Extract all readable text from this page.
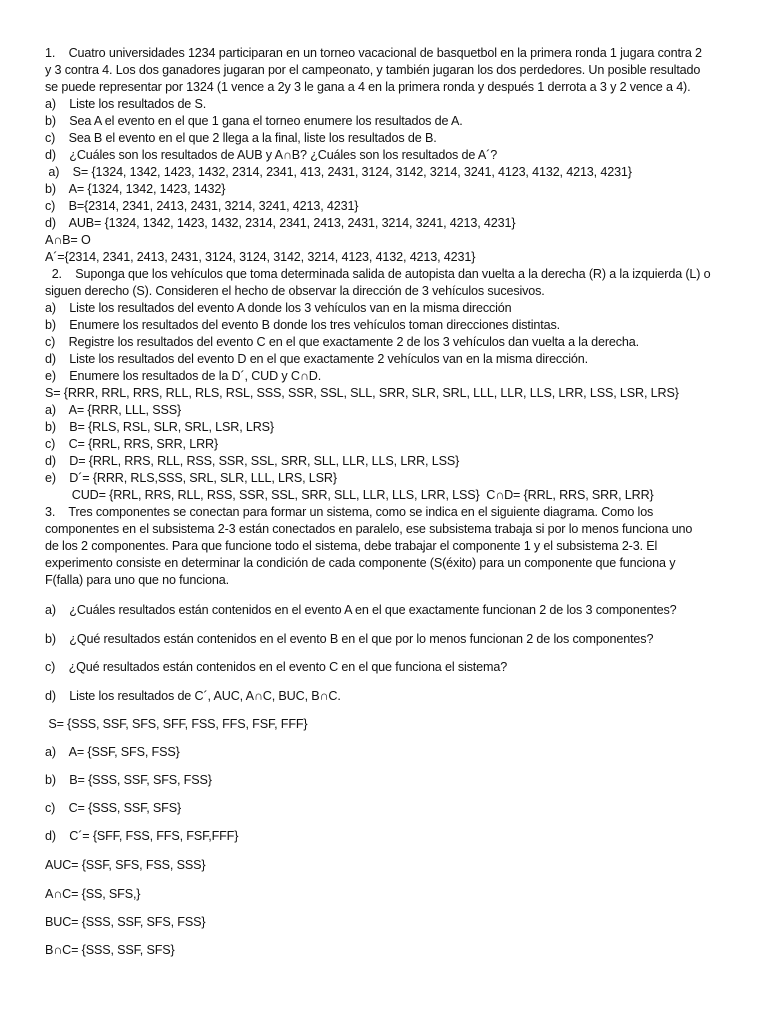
1.    Cuatro universidades 1234 participaran en un torneo vacacional de basquetbol en la primera ronda 1 jugara contra 2
y 3 contra 4. Los dos ganadores jugaran por el campeonato, y también jugaran los dos perdedores. Un posible resultado
se puede representar por 1324 (1 vence a 2y 3 le gana a 4 en la primera ronda y después 1 derrota a 3 y 2 vence a 4).
a)    Liste los resultados de S.
b)    Sea A el evento en el que 1 gana el torneo enumere los resultados de A.
c)    Sea B el evento en el que 2 llega a la final, liste los resultados de B.
d)    ¿Cuáles son los resultados de AUB y A∩B? ¿Cuáles son los resultados de A´?
a)    S= {1324, 1342, 1423, 1432, 2314, 2341, 413, 2431, 3124, 3142, 3214, 3241, 4123, 4132, 4213, 4231}
b)    A= {1324, 1342, 1423, 1432}
c)    B={2314, 2341, 2413, 2431, 3214, 3241, 4213, 4231}
d)    AUB= {1324, 1342, 1423, 1432, 2314, 2341, 2413, 2431, 3214, 3241, 4213, 4231}
A∩B= O
A´={2314, 2341, 2413, 2431, 3124, 3124, 3142, 3214, 4123, 4132, 4213, 4231}
2.    Suponga que los vehículos que toma determinada salida de autopista dan vuelta a la derecha (R) a la izquierda (L) o
siguen derecho (S). Consideren el hecho de observar la dirección de 3 vehículos sucesivos.
a)    Liste los resultados del evento A donde los 3 vehículos van en la misma dirección
b)    Enumere los resultados del evento B donde los tres vehículos toman direcciones distintas.
c)    Registre los resultados del evento C en el que exactamente 2 de los 3 vehículos dan vuelta a la derecha.
d)    Liste los resultados del evento D en el que exactamente 2 vehículos van en la misma dirección.
e)    Enumere los resultados de la D´, CUD y C∩D.
S= {RRR, RRL, RRS, RLL, RLS, RSL, SSS, SSR, SSL, SLL, SRR, SLR, SRL, LLL, LLR, LLS, LRR, LSS, LSR, LRS}
a)    A= {RRR, LLL, SSS}
b)    B= {RLS, RSL, SLR, SRL, LSR, LRS}
c)    C= {RRL, RRS, SRR, LRR}
d)    D= {RRL, RRS, RLL, RSS, SSR, SSL, SRR, SLL, LLR, LLS, LRR, LSS}
e)    D´= {RRR, RLS,SSS, SRL, SLR, LLL, LRS, LSR}
CUD= {RRL, RRS, RLL, RSS, SSR, SSL, SRR, SLL, LLR, LLS, LRR, LSS}  C∩D= {RRL, RRS, SRR, LRR}
3.    Tres componentes se conectan para formar un sistema, como se indica en el siguiente diagrama. Como los
componentes en el subsistema 2-3 están conectados en paralelo, ese subsistema trabaja si por lo menos funciona uno
de los 2 componentes. Para que funcione todo el sistema, debe trabajar el componente 1 y el subsistema 2-3. El
experimento consiste en determinar la condición de cada componente (S(éxito) para un componente que funciona y
F(falla) para uno que no funciona.
a)    ¿Cuáles resultados están contenidos en el evento A en el que exactamente funcionan 2 de los 3 componentes?
b)    ¿Qué resultados están contenidos en el evento B en el que por lo menos funcionan 2 de los componentes?
c)    ¿Qué resultados están contenidos en el evento C en el que funciona el sistema?
d)    Liste los resultados de C´, AUC, A∩C, BUC, B∩C.
S= {SSS, SSF, SFS, SFF, FSS, FFS, FSF, FFF}
a)    A= {SSF, SFS, FSS}
b)    B= {SSS, SSF, SFS, FSS}
c)    C= {SSS, SSF, SFS}
d)    C´= {SFF, FSS, FFS, FSF,FFF}
AUC= {SSF, SFS, FSS, SSS}
A∩C= {SS, SFS,}
BUC= {SSS, SSF, SFS, FSS}
B∩C= {SSS, SSF, SFS}
